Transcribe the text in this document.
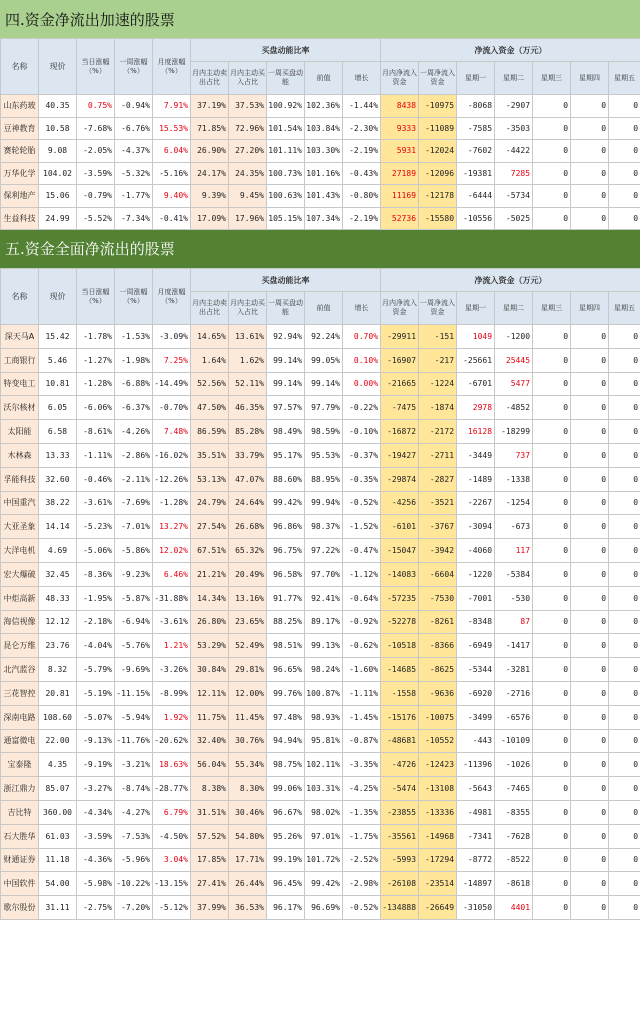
四.资金净流出加速的股票
名称	现价	当日涨幅（%）	一周涨幅（%）	月度涨幅（%）	买盘动能比率					净流入资金（万元）						
					月内主动卖出占比	月内主动买入占比	一周买盘动能	前值	增长	月内净流入资金	一周净流入资金	星期一	星期二	星期三	星期四	星期五
山东药玻	40.35	0.75%	-0.94%	7.91%	37.19%	37.53%	100.92%	102.36%	-1.44%	8438	-10975	-8068	-2907	0	0	0
豆神教育	10.58	-7.68%	-6.76%	15.53%	71.85%	72.96%	101.54%	103.84%	-2.30%	9333	-11089	-7585	-3503	0	0	0
赛轮轮胎	9.08	-2.05%	-4.37%	6.04%	26.90%	27.20%	101.11%	103.30%	-2.19%	5931	-12024	-7602	-4422	0	0	0
万华化学	104.02	-3.59%	-5.32%	-5.16%	24.17%	24.35%	100.73%	101.16%	-0.43%	27189	-12096	-19381	7285	0	0	0
保利地产	15.06	-0.79%	-1.77%	9.40%	9.39%	9.45%	100.63%	101.43%	-0.80%	11169	-12178	-6444	-5734	0	0	0
生益科技	24.99	-5.52%	-7.34%	-0.41%	17.09%	17.96%	105.15%	107.34%	-2.19%	52736	-15580	-10556	-5025	0	0	0
五.资金全面净流出的股票
名称	现价	当日涨幅（%）	一周涨幅（%）	月度涨幅（%）	买盘动能比率					净流入资金（万元）						
					月内主动卖出占比	月内主动买入占比	一周买盘动能	前值	增长	月内净流入资金	一周净流入资金	星期一	星期二	星期三	星期四	星期五
深天马A	15.42	-1.78%	-1.53%	-3.09%	14.65%	13.61%	92.94%	92.24%	0.70%	-29911	-151	1049	-1200	0	0	0
工商银行	5.46	-1.27%	-1.98%	7.25%	1.64%	1.62%	99.14%	99.05%	0.10%	-16907	-217	-25661	25445	0	0	0
特变电工	10.81	-1.28%	-6.88%	-14.49%	52.56%	52.11%	99.14%	99.14%	0.00%	-21665	-1224	-6701	5477	0	0	0
沃尔核材	6.05	-6.06%	-6.37%	-0.70%	47.50%	46.35%	97.57%	97.79%	-0.22%	-7475	-1874	2978	-4852	0	0	0
太阳能	6.58	-8.61%	-4.26%	7.48%	86.59%	85.28%	98.49%	98.59%	-0.10%	-16872	-2172	16128	-18299	0	0	0
木林森	13.33	-1.11%	-2.86%	-16.02%	35.51%	33.79%	95.17%	95.53%	-0.37%	-19427	-2711	-3449	737	0	0	0
孚能科技	32.60	-0.46%	-2.11%	-12.26%	53.13%	47.07%	88.60%	88.95%	-0.35%	-29874	-2827	-1489	-1338	0	0	0
中国重汽	38.22	-3.61%	-7.69%	-1.28%	24.79%	24.64%	99.42%	99.94%	-0.52%	-4256	-3521	-2267	-1254	0	0	0
大亚圣象	14.14	-5.23%	-7.01%	13.27%	27.54%	26.68%	96.86%	98.37%	-1.52%	-6101	-3767	-3094	-673	0	0	0
大洋电机	4.69	-5.06%	-5.86%	12.02%	67.51%	65.32%	96.75%	97.22%	-0.47%	-15047	-3942	-4060	117	0	0	0
宏大爆破	32.45	-8.36%	-9.23%	6.46%	21.21%	20.49%	96.58%	97.70%	-1.12%	-14083	-6604	-1220	-5384	0	0	0
中炬高新	48.33	-1.95%	-5.87%	-31.88%	14.34%	13.16%	91.77%	92.41%	-0.64%	-57235	-7530	-7001	-530	0	0	0
海信视像	12.12	-2.18%	-6.94%	-3.61%	26.80%	23.65%	88.25%	89.17%	-0.92%	-52278	-8261	-8348	87	0	0	0
昆仑万维	23.76	-4.04%	-5.76%	1.21%	53.29%	52.49%	98.51%	99.13%	-0.62%	-10518	-8366	-6949	-1417	0	0	0
北汽蓝谷	8.32	-5.79%	-9.69%	-3.26%	30.84%	29.81%	96.65%	98.24%	-1.60%	-14685	-8625	-5344	-3281	0	0	0
三花智控	20.81	-5.19%	-11.15%	-8.99%	12.11%	12.00%	99.76%	100.87%	-1.11%	-1558	-9636	-6920	-2716	0	0	0
深南电路	108.60	-5.07%	-5.94%	1.92%	11.75%	11.45%	97.48%	98.93%	-1.45%	-15176	-10075	-3499	-6576	0	0	0
通富微电	22.00	-9.13%	-11.76%	-20.62%	32.40%	30.76%	94.94%	95.81%	-0.87%	-48681	-10552	-443	-10109	0	0	0
宝泰隆	4.35	-9.19%	-3.21%	18.63%	56.04%	55.34%	98.75%	102.11%	-3.35%	-4726	-12423	-11396	-1026	0	0	0
浙江鼎力	85.07	-3.27%	-8.74%	-28.77%	8.38%	8.30%	99.06%	103.31%	-4.25%	-5474	-13108	-5643	-7465	0	0	0
吉比特	360.00	-4.34%	-4.27%	6.79%	31.51%	30.46%	96.67%	98.02%	-1.35%	-23855	-13336	-4981	-8355	0	0	0
石大胜华	61.03	-3.59%	-7.53%	-4.50%	57.52%	54.80%	95.26%	97.01%	-1.75%	-35561	-14968	-7341	-7628	0	0	0
财通证券	11.18	-4.36%	-5.96%	3.04%	17.85%	17.71%	99.19%	101.72%	-2.52%	-5993	-17294	-8772	-8522	0	0	0
中国软件	54.00	-5.98%	-10.22%	-13.15%	27.41%	26.44%	96.45%	99.42%	-2.98%	-26108	-23514	-14897	-8618	0	0	0
歌尔股份	31.11	-2.75%	-7.20%	-5.12%	37.99%	36.53%	96.17%	96.69%	-0.52%	-134888	-26649	-31050	4401	0	0	0
